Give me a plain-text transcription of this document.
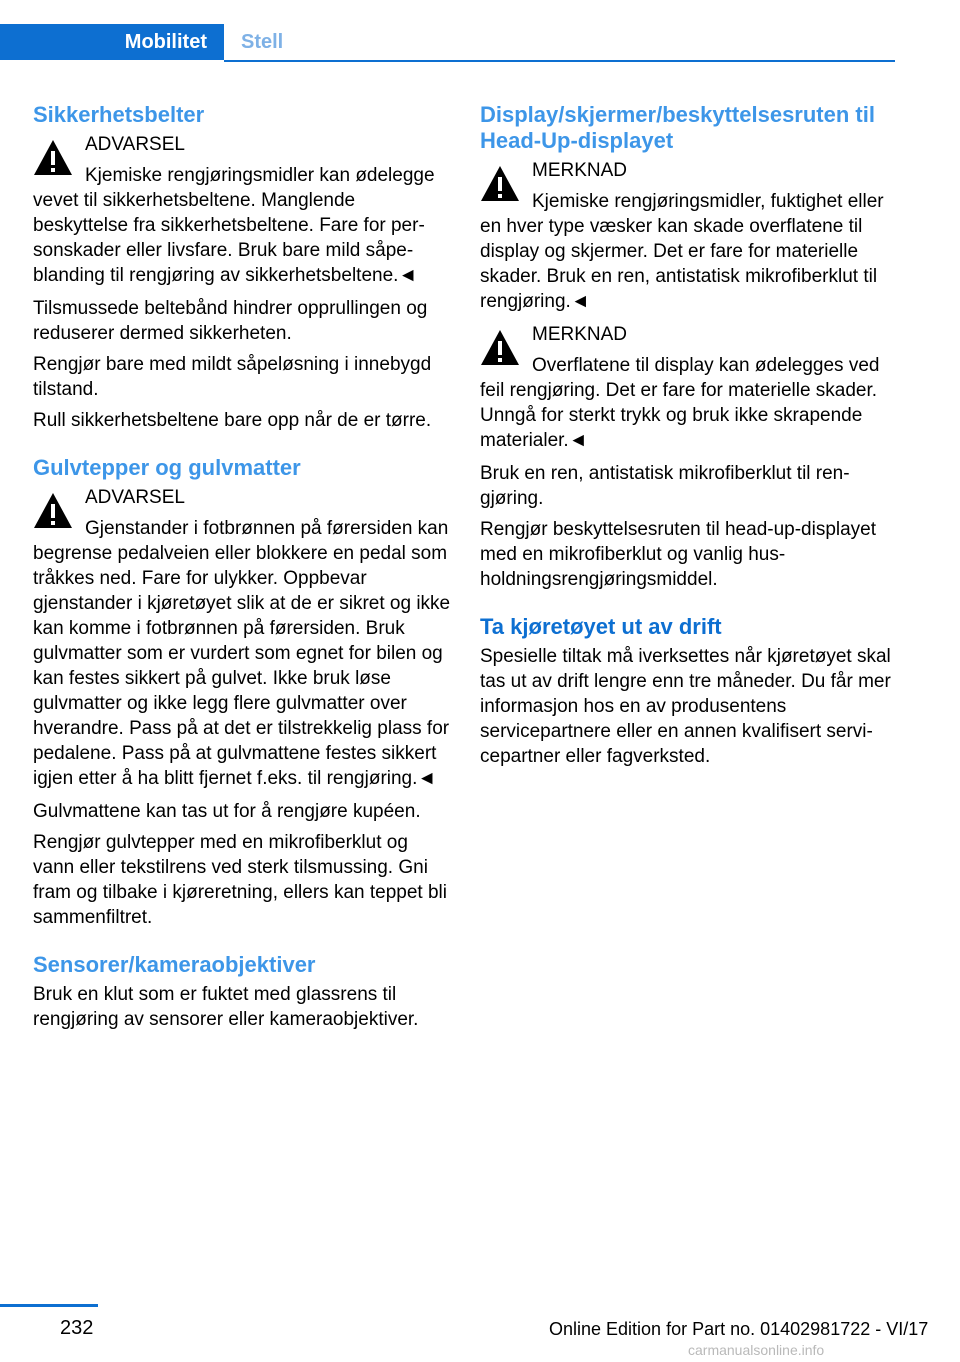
Mobilitet	Stell
Sikkerhetsbelter
ADVARSEL

Kjemiske rengjøringsmidler kan ødelegge vevet til sikkerhetsbeltene. Manglende beskyttelse fra sikkerhetsbeltene. Fare for personskader eller livsfare. Bruk bare mild såpeblanding til rengjøring av sikkerhetsbeltene.◄

Tilsmussede beltebånd hindrer opprullingen og reduserer dermed sikkerheten.

Rengjør bare med mildt såpeløsning i innebygd tilstand.

Rull sikkerhetsbeltene bare opp når de er tørre.

Gulvtepper og gulvmatter
ADVARSEL

Gjenstander i fotbrønnen på førersiden kan begrense pedalveien eller blokkere en pedal som tråkkes ned. Fare for ulykker. Oppbevar gjenstander i kjøretøyet slik at de er sikret og ikke kan komme i fotbrønnen på førersiden. Bruk gulvmatter som er vurdert som egnet for bilen og kan festes sikkert på gulvet. Ikke bruk løse gulvmatter og ikke legg flere gulvmatter over hverandre. Pass på at det er tilstrekkelig plass for pedalene. Pass på at gulvmattene festes sikkert igjen etter å ha blitt fjernet f.eks. til rengjøring.◄

Gulvmattene kan tas ut for å rengjøre kupéen.

Rengjør gulvtepper med en mikrofiberklut og vann eller tekstilrens ved sterk tilsmussing. Gni fram og tilbake i kjøreretning, ellers kan teppet bli sammenfiltret.

Sensorer/kameraobjektiver

Bruk en klut som er fuktet med glassrens til rengjøring av sensorer eller kameraobjektiver.

Display/skjermer/beskyttelsesruten til Head-Up-displayet
MERKNAD

Kjemiske rengjøringsmidler, fuktighet eller en hver type væsker kan skade overflatene til display og skjermer. Det er fare for materielle skader. Bruk en ren, antistatisk mikrofiberklut til rengjøring.◄

MERKNAD

Overflatene til display kan ødelegges ved feil rengjøring. Det er fare for materielle skader. Unngå for sterkt trykk og bruk ikke skrapende materialer.◄

Bruk en ren, antistatisk mikrofiberklut til rengjøring.

Rengjør beskyttelsesruten til head-up-displayet med en mikrofiberklut og vanlig husholdningsrengjøringsmiddel.

Ta kjøretøyet ut av drift

Spesielle tiltak må iverksettes når kjøretøyet skal tas ut av drift lengre enn tre måneder. Du får mer informasjon hos en av produsentens servicepartnere eller en annen kvalifisert servicepartner eller fagverksted.

232	Online Edition for Part no. 01402981722 - VI/17
carmanualsonline.info
